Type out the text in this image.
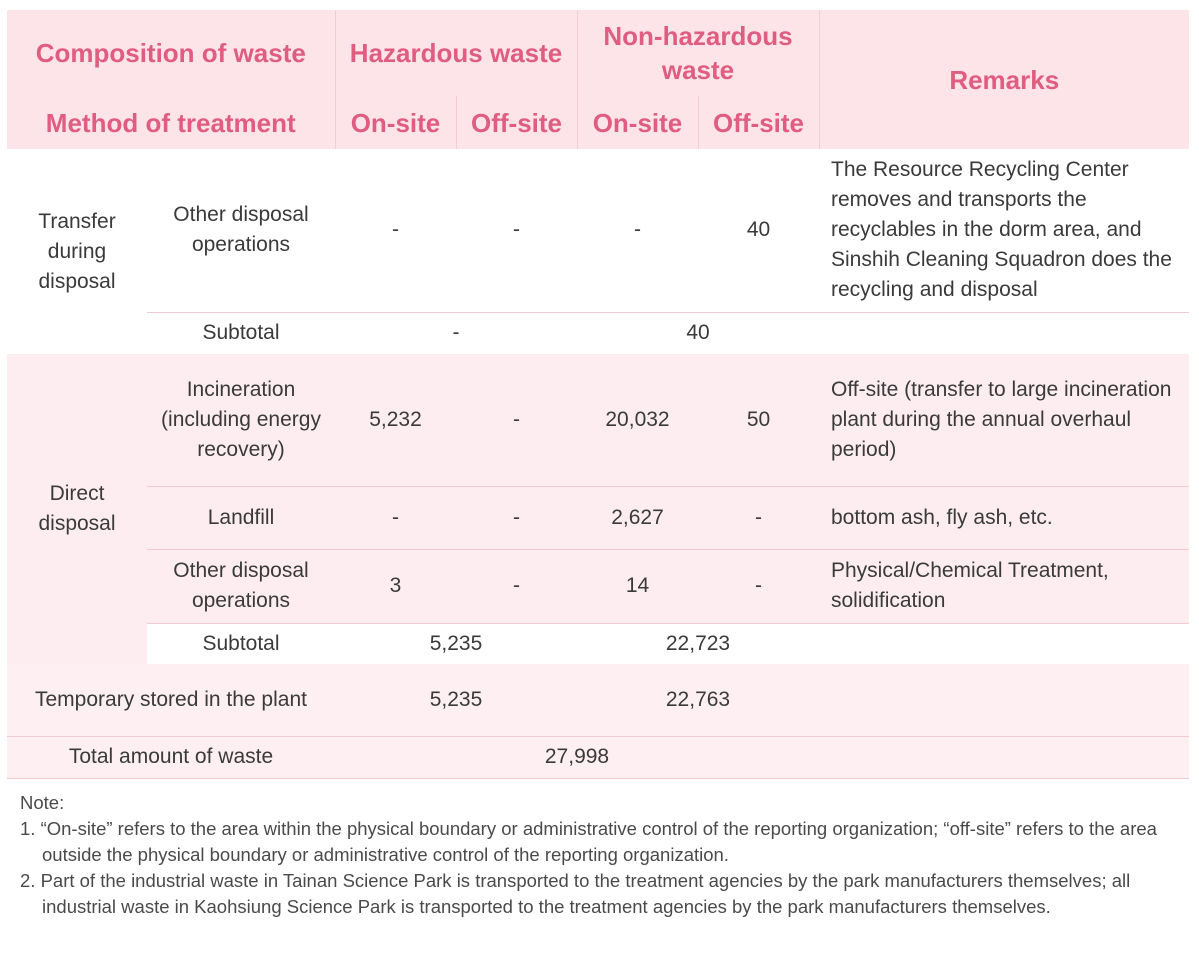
Composition of waste		Hazardous waste		Non-hazardous waste		Remarks
Method of treatment		On-site	Off-site	On-site	Off-site	
Transfer during disposal	Other disposal operations	-	-	-	40	The Resource Recycling Center removes and transports the recyclables in the dorm area, and Sinshih Cleaning Squadron does the recycling and disposal
	Subtotal	-		40		
Direct disposal	Incineration (including energy recovery)	5,232	-	20,032	50	Off-site (transfer to large incineration plant during the annual overhaul period)
	Landfill	-	-	2,627	-	bottom ash, fly ash, etc.
	Other disposal operations	3	-	14	-	Physical/Chemical Treatment, solidification
	Subtotal	5,235		22,723		
Temporary stored in the plant		5,235		22,763		
Total amount of waste		27,998				

Note:

1. “On-site” refers to the area within the physical boundary or administrative control of the reporting organization; “off-site” refers to the area outside the physical boundary or administrative control of the reporting organization.

2. Part of the industrial waste in Tainan Science Park is transported to the treatment agencies by the park manufacturers themselves; all industrial waste in Kaohsiung Science Park is transported to the treatment agencies by the park manufacturers themselves.
